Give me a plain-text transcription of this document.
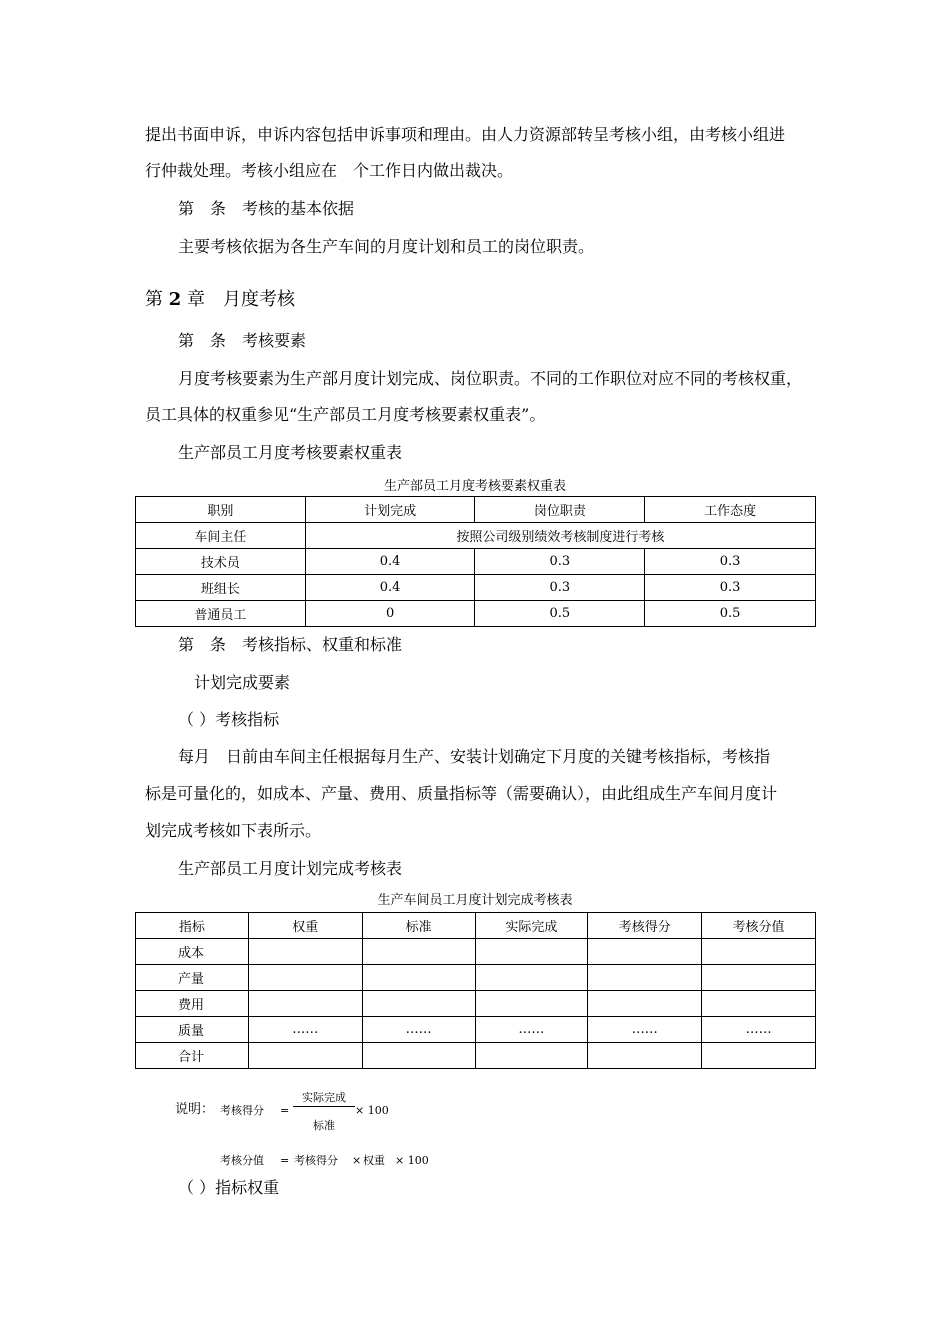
提出书面申诉，申诉内容包括申诉事项和理由。由人力资源部转呈考核小组，由考核小组进
行仲裁处理。考核小组应在　个工作日内做出裁决。
第　条　考核的基本依据
主要考核依据为各生产车间的月度计划和员工的岗位职责。
第 2 章　月度考核
第　条　考核要素
月度考核要素为生产部月度计划完成、岗位职责。不同的工作职位对应不同的考核权重，
员工具体的权重参见“生产部员工月度考核要素权重表”。
生产部员工月度考核要素权重表
生产部员工月度考核要素权重表
职别	计划完成	岗位职责	工作态度
车间主任	按照公司级别绩效考核制度进行考核		
技术员	0.4	0.3	0.3
班组长	0.4	0.3	0.3
普通员工	0	0.5	0.5
第　条　考核指标、权重和标准
计划完成要素
（ ）考核指标
每月　日前由车间主任根据每月生产、安装计划确定下月度的关键考核指标，考核指
标是可量化的，如成本、产量、费用、质量指标等（需要确认），由此组成生产车间月度计
划完成考核如下表所示。
生产部员工月度计划完成考核表
生产车间员工月度计划完成考核表
指标	权重	标准	实际完成	考核得分	考核分值
成本					
产量					
费用					
质量	……	……	……	……	……
合计					
说明： 考核得分 =
实际完成
标准
× 100
考核分值 = 考核得分 × 权重 × 100
（ ）指标权重
